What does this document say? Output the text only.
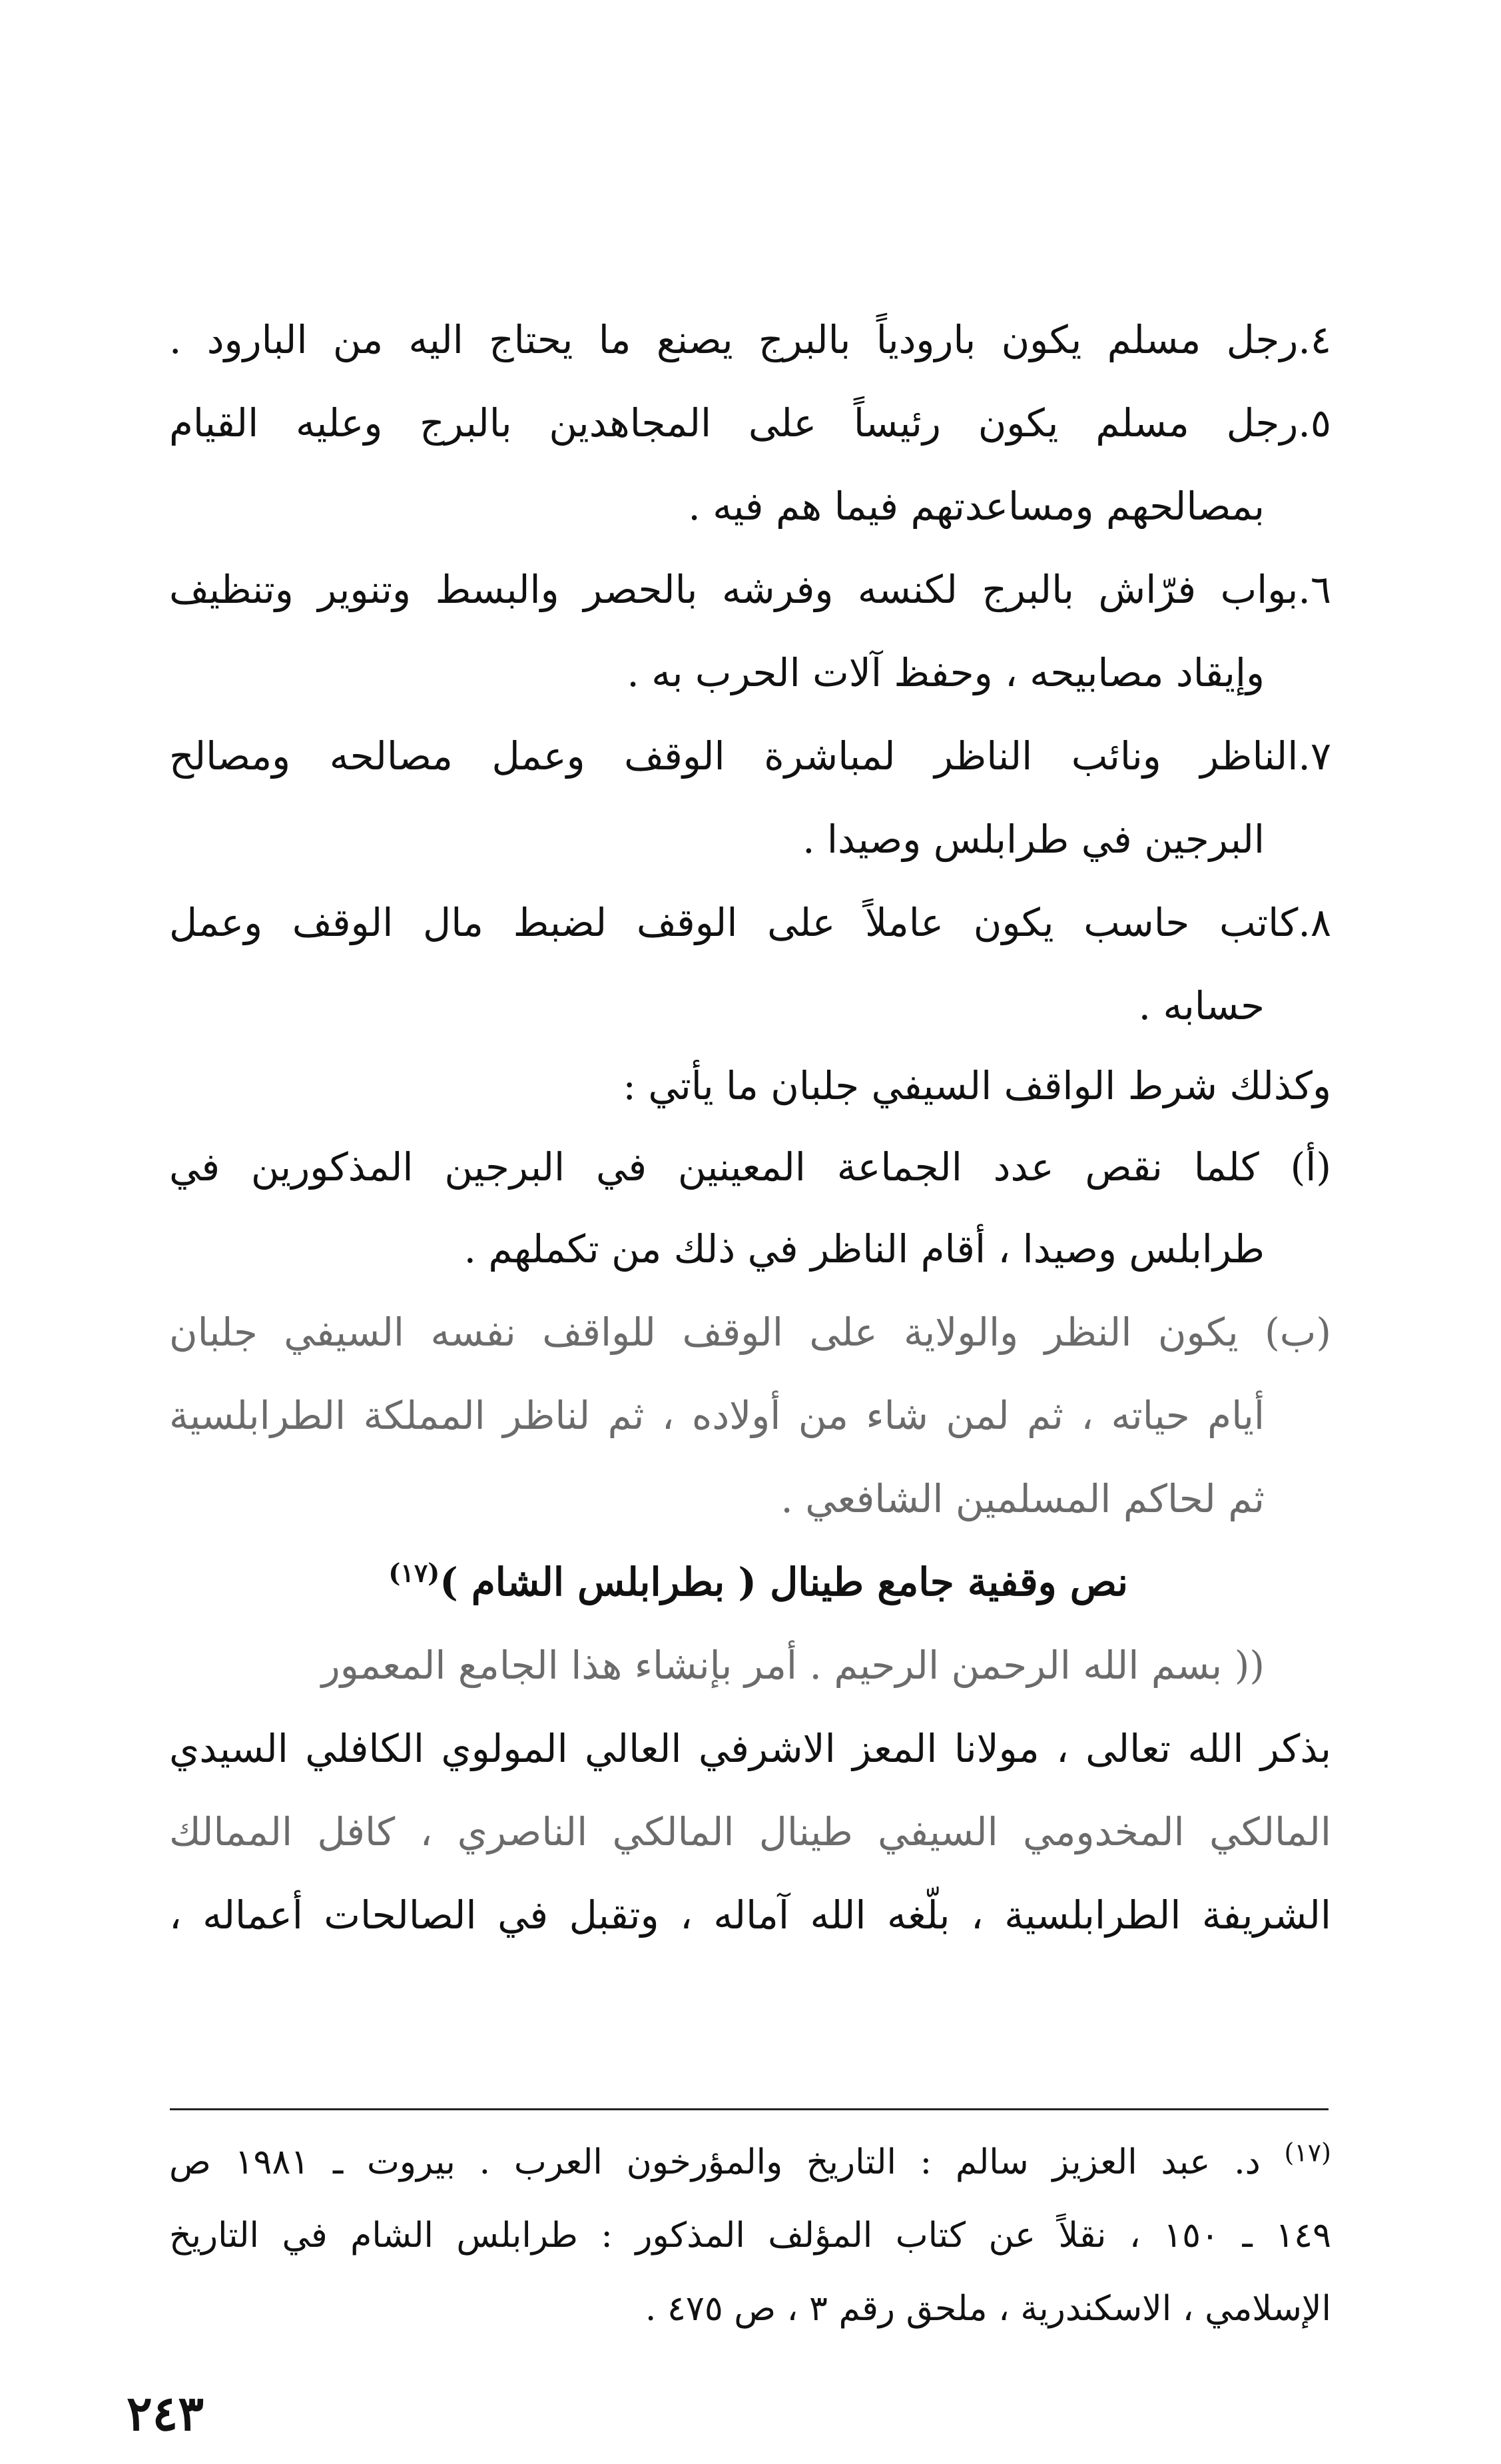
٤.رجل مسلم يكون بارودياً بالبرج يصنع ما يحتاج اليه من البارود .
٥.رجل مسلم يكون رئيساً على المجاهدين بالبرج وعليه القيام
بمصالحهم ومساعدتهم فيما هم فيه .
٦.بواب فرّاش بالبرج لكنسه وفرشه بالحصر والبسط وتنوير وتنظيف
وإيقاد مصابيحه ، وحفظ آلات الحرب به .
٧.الناظر ونائب الناظر لمباشرة الوقف وعمل مصالحه ومصالح
البرجين في طرابلس وصيدا .
٨.كاتب حاسب يكون عاملاً على الوقف لضبط مال الوقف وعمل
حسابه .
وكذلك شرط الواقف السيفي جلبان ما يأتي :
(أ) كلما نقص عدد الجماعة المعينين في البرجين المذكورين في
طرابلس وصيدا ، أقام الناظر في ذلك من تكملهم .
(ب) يكون النظر والولاية على الوقف للواقف نفسه السيفي جلبان
أيام حياته ، ثم لمن شاء من أولاده ، ثم لناظر المملكة الطرابلسية
ثم لحاكم المسلمين الشافعي .
نص وقفية جامع طينال ( بطرابلس الشام )$^{(١٧)}$
(( بسم الله الرحمن الرحيم . أمر بإنشاء هذا الجامع المعمور
بذكر الله تعالى ، مولانا المعز الاشرفي العالي المولوي الكافلي السيدي
المالكي المخدومي السيفي طينال المالكي الناصري ، كافل الممالك
الشريفة الطرابلسية ، بلّغه الله آماله ، وتقبل في الصالحات أعماله ،
$^{(١٧)}$ د. عبد العزيز سالم : التاريخ والمؤرخون العرب . بيروت ـ ١٩٨١ ص
١٤٩ ـ ١٥٠ ، نقلاً عن كتاب المؤلف المذكور : طرابلس الشام في التاريخ
الإسلامي ، الاسكندرية ، ملحق رقم ٣ ، ص ٤٧٥ .
٢٤٣
